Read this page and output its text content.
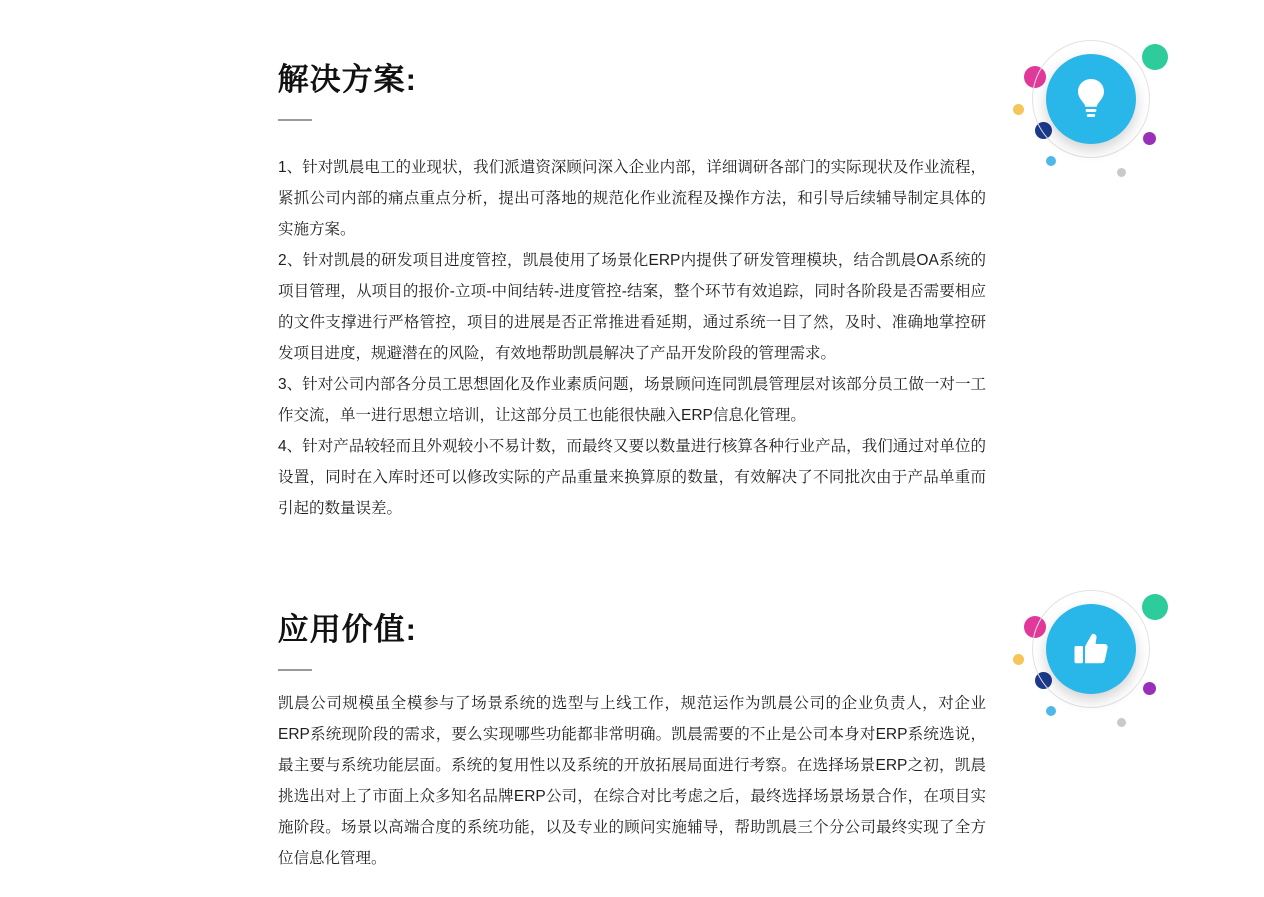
解决方案:

1、针对凯晨电工的业现状，我们派遣资深顾问深入企业内部，详细调研各部门的实际现状及作业流程，紧抓公司内部的痛点重点分析，提出可落地的规范化作业流程及操作方法，和引导后续辅导制定具体的实施方案。

2、针对凯晨的研发项目进度管控，凯晨使用了场景化ERP内提供了研发管理模块，结合凯晨OA系统的项目管理，从项目的报价-立项-中间结转-进度管控-结案，整个环节有效追踪，同时各阶段是否需要相应的文件支撑进行严格管控，项目的进展是否正常推进看延期，通过系统一目了然，及时、准确地掌控研发项目进度，规避潜在的风险，有效地帮助凯晨解决了产品开发阶段的管理需求。

3、针对公司内部各分员工思想固化及作业素质问题，场景顾问连同凯晨管理层对该部分员工做一对一工作交流，单一进行思想立培训，让这部分员工也能很快融入ERP信息化管理。

4、针对产品较轻而且外观较小不易计数，而最终又要以数量进行核算各种行业产品，我们通过对单位的设置，同时在入库时还可以修改实际的产品重量来换算原的数量，有效解决了不同批次由于产品单重而引起的数量误差。

应用价值:

凯晨公司规模虽全模参与了场景系统的选型与上线工作，规范运作为凯晨公司的企业负责人，对企业ERP系统现阶段的需求，要么实现哪些功能都非常明确。凯晨需要的不止是公司本身对ERP系统选说，最主要与系统功能层面。系统的复用性以及系统的开放拓展局面进行考察。在选择场景ERP之初，凯晨挑选出对上了市面上众多知名品牌ERP公司，在综合对比考虑之后，最终选择场景场景合作，在项目实施阶段。场景以高端合度的系统功能，以及专业的顾问实施辅导，帮助凯晨三个分公司最终实现了全方位信息化管理。
